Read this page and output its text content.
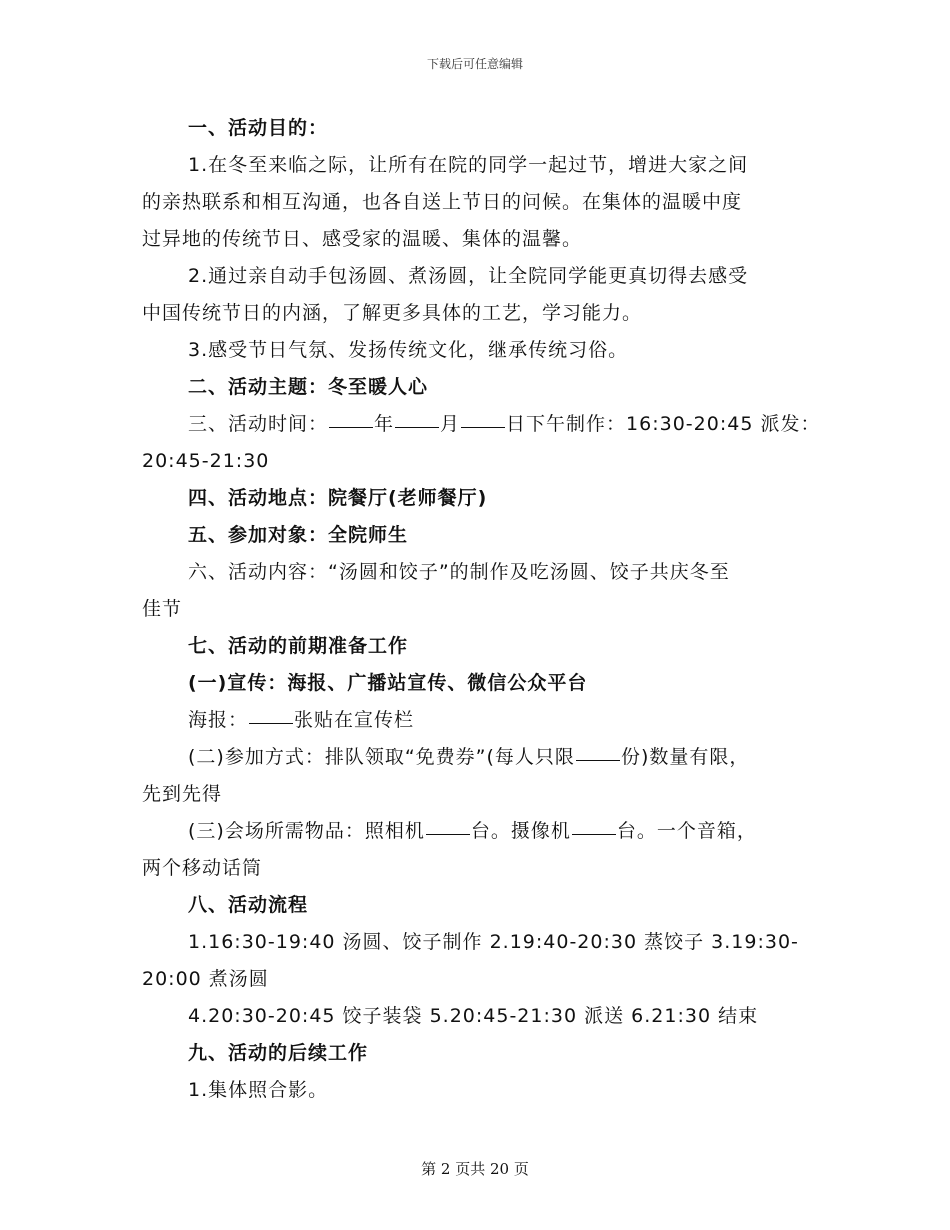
下载后可任意编辑
一、活动目的：
1.在冬至来临之际，让所有在院的同学一起过节，增进大家之间
的亲热联系和相互沟通，也各自送上节日的问候。在集体的温暖中度
过异地的传统节日、感受家的温暖、集体的温馨。
2.通过亲自动手包汤圆、煮汤圆，让全院同学能更真切得去感受
中国传统节日的内涵，了解更多具体的工艺，学习能力。
3.感受节日气氛、发扬传统文化，继承传统习俗。
二、活动主题：冬至暖人心
三、活动时间： 年 月 日下午制作：16:30-20:45 派发：
20:45-21:30
四、活动地点：院餐厅(老师餐厅)
五、参加对象：全院师生
六、活动内容：“汤圆和饺子”的制作及吃汤圆、饺子共庆冬至
佳节
七、活动的前期准备工作
(一)宣传：海报、广播站宣传、微信公众平台
海报： 张贴在宣传栏
(二)参加方式：排队领取“免费券”(每人只限 份)数量有限，
先到先得
(三)会场所需物品：照相机 台。摄像机 台。一个音箱，
两个移动话筒
八、活动流程
1.16:30-19:40 汤圆、饺子制作 2.19:40-20:30 蒸饺子 3.19:30-
20:00 煮汤圆
4.20:30-20:45 饺子装袋 5.20:45-21:30 派送 6.21:30 结束
九、活动的后续工作
1.集体照合影。
第 2 页共 20 页
